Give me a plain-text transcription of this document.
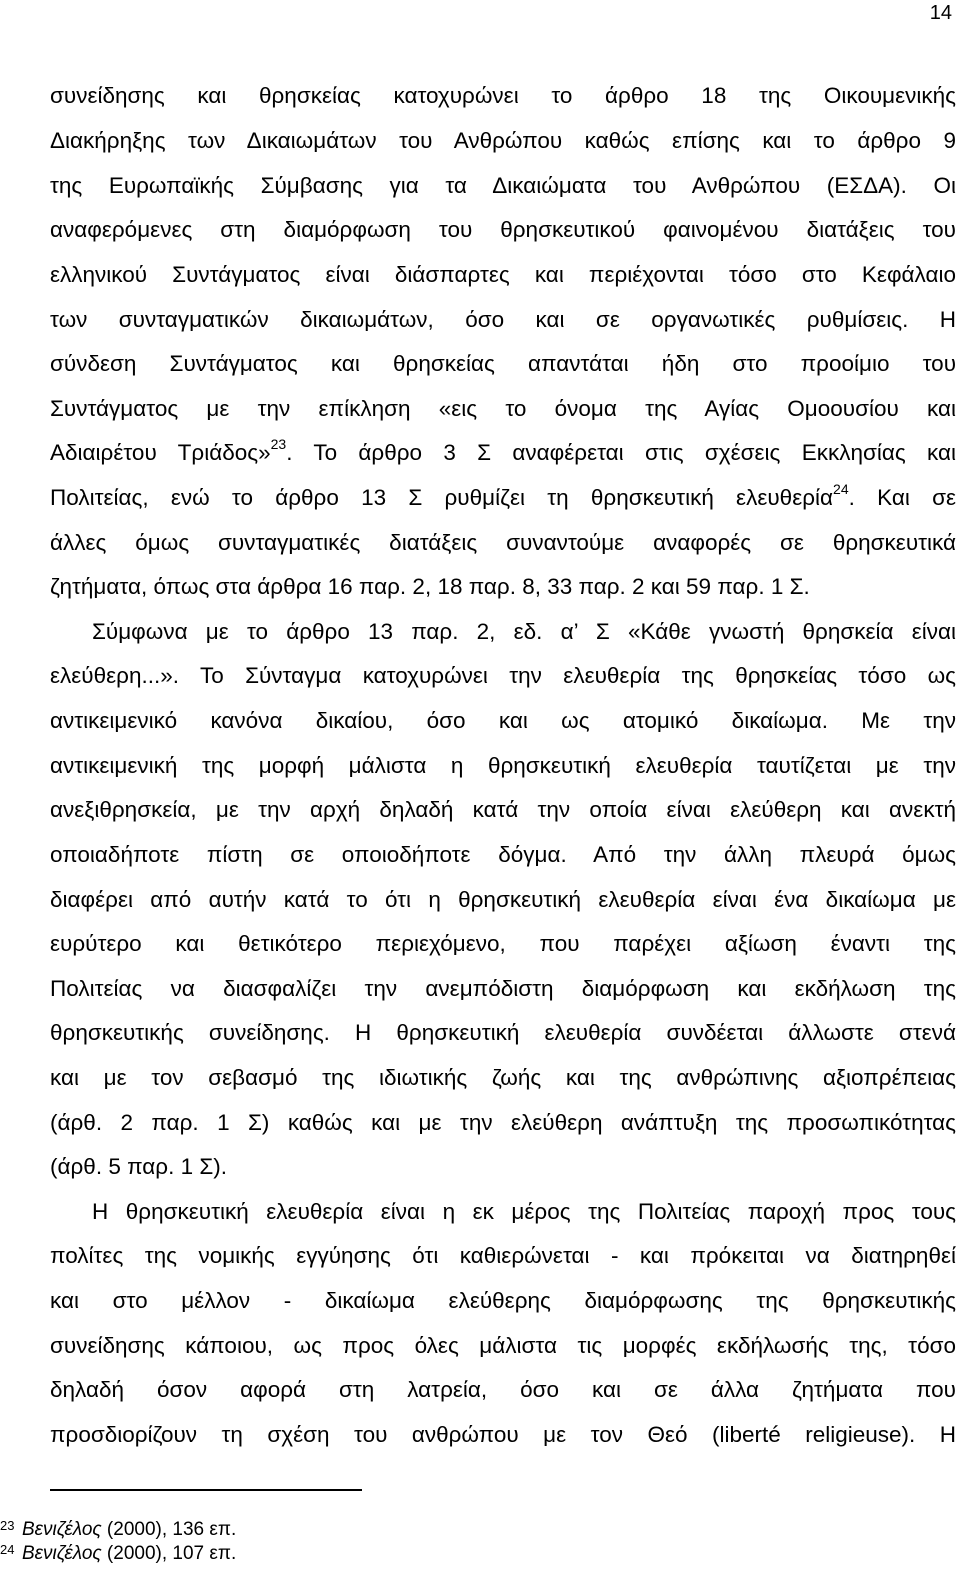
14
συνείδησης και θρησκείας κατοχυρώνει το άρθρο 18 της Οικουμενικής
Διακήρηξης των Δικαιωμάτων του Ανθρώπου καθώς επίσης και το άρθρο 9
της Ευρωπαϊκής Σύμβασης για τα Δικαιώματα του Ανθρώπου (ΕΣΔΑ). Οι
αναφερόμενες στη διαμόρφωση του θρησκευτικού φαινομένου διατάξεις του
ελληνικού Συντάγματος είναι διάσπαρτες και περιέχονται τόσο στο Κεφάλαιο
των συνταγματικών δικαιωμάτων, όσο και σε οργανωτικές ρυθμίσεις. Η
σύνδεση Συντάγματος και θρησκείας απαντάται ήδη στο προοίμιο του
Συντάγματος με την επίκληση «εις το όνομα της Αγίας Ομοουσίου και
Αδιαιρέτου Τριάδος»$^{23}$. Το άρθρο 3 Σ αναφέρεται στις σχέσεις Εκκλησίας και
Πολιτείας, ενώ το άρθρο 13 Σ ρυθμίζει τη θρησκευτική ελευθερία$^{24}$. Και σε
άλλες όμως συνταγματικές διατάξεις συναντούμε αναφορές σε θρησκευτικά
ζητήματα, όπως στα άρθρα 16 παρ. 2, 18 παρ. 8, 33 παρ. 2 και 59 παρ. 1 Σ.
Σύμφωνα με το άρθρο 13 παρ. 2, εδ. α’ Σ «Κάθε γνωστή θρησκεία είναι
ελεύθερη...». Το Σύνταγμα κατοχυρώνει την ελευθερία της θρησκείας τόσο ως
αντικειμενικό κανόνα δικαίου, όσο και ως ατομικό δικαίωμα. Με την
αντικειμενική της μορφή μάλιστα η θρησκευτική ελευθερία ταυτίζεται με την
ανεξιθρησκεία, με την αρχή δηλαδή κατά την οποία είναι ελεύθερη και ανεκτή
οποιαδήποτε πίστη σε οποιοδήποτε δόγμα. Από την άλλη πλευρά όμως
διαφέρει από αυτήν κατά το ότι η θρησκευτική ελευθερία είναι ένα δικαίωμα με
ευρύτερο και θετικότερο περιεχόμενο, που παρέχει αξίωση έναντι της
Πολιτείας να διασφαλίζει την ανεμπόδιστη διαμόρφωση και εκδήλωση της
θρησκευτικής συνείδησης. Η θρησκευτική ελευθερία συνδέεται άλλωστε στενά
και με τον σεβασμό της ιδιωτικής ζωής και της ανθρώπινης αξιοπρέπειας
(άρθ. 2 παρ. 1 Σ) καθώς και με την ελεύθερη ανάπτυξη της προσωπικότητας
(άρθ. 5 παρ. 1 Σ).
Η θρησκευτική ελευθερία είναι η εκ μέρος της Πολιτείας παροχή προς τους
πολίτες της νομικής εγγύησης ότι καθιερώνεται - και πρόκειται να διατηρηθεί
και στο μέλλον - δικαίωμα ελεύθερης διαμόρφωσης της θρησκευτικής
συνείδησης κάποιου, ως προς όλες μάλιστα τις μορφές εκδήλωσής της, τόσο
δηλαδή όσον αφορά στη λατρεία, όσο και σε άλλα ζητήματα που
προσδιορίζουν τη σχέση του ανθρώπου με τον Θεό (liberté religieuse). Η
23 Βενιζέλος (2000), 136 επ.
24 Βενιζέλος (2000), 107 επ.
